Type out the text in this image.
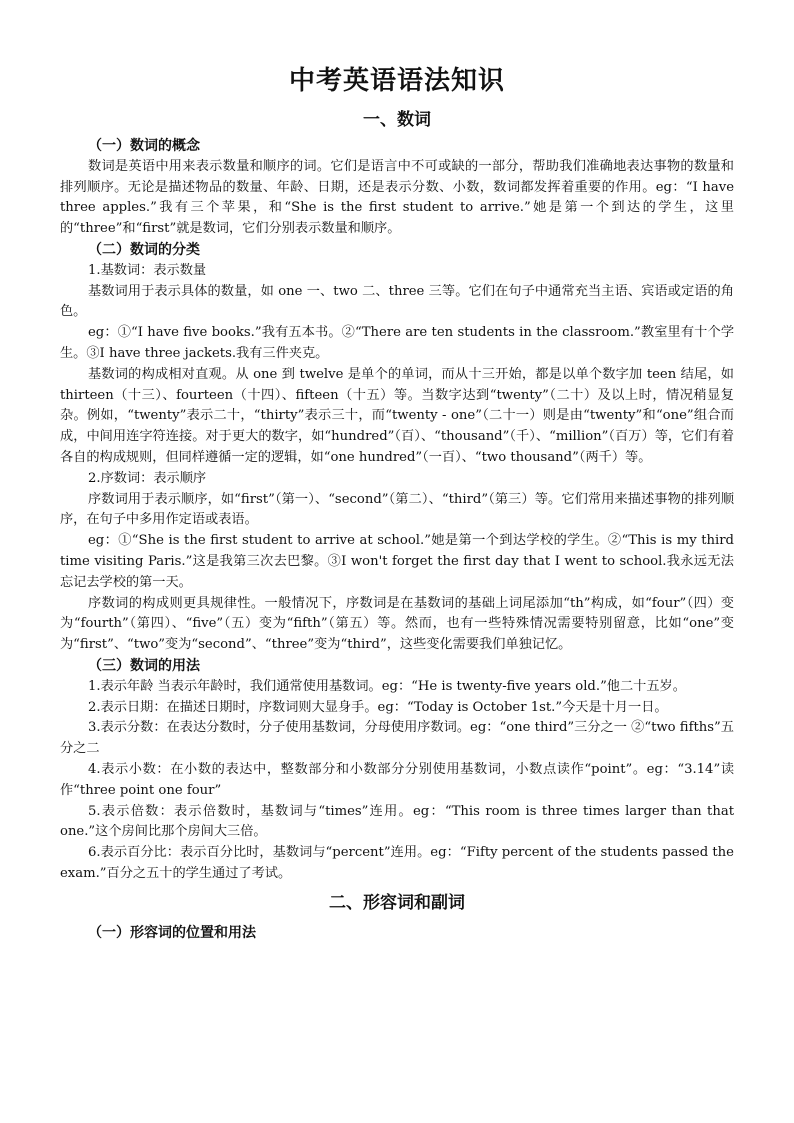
中考英语语法知识
一、数词
（一）数词的概念

数词是英语中用来表示数量和顺序的词。它们是语言中不可或缺的一部分，帮助我们准确地表达事物的数量和排列顺序。无论是描述物品的数量、年龄、日期，还是表示分数、小数，数词都发挥着重要的作用。eg：“I have three apples.”我有三个苹果，和“She is the first student to arrive.”她是第一个到达的学生，这里的“three”和“first”就是数词，它们分别表示数量和顺序。

（二）数词的分类

1.基数词：表示数量

基数词用于表示具体的数量，如 one 一、two 二、three 三等。它们在句子中通常充当主语、宾语或定语的角色。

eg：①“I have five books.”我有五本书。②“There are ten students in the classroom.”教室里有十个学生。③I have three jackets.我有三件夹克。

基数词的构成相对直观。从 one 到 twelve 是单个的单词，而从十三开始，都是以单个数字加 teen 结尾，如 thirteen（十三）、fourteen（十四）、fifteen（十五）等。当数字达到“twenty”（二十）及以上时，情况稍显复杂。例如，“twenty”表示二十，“thirty”表示三十，而“twenty - one”（二十一）则是由“twenty”和“one”组合而成，中间用连字符连接。对于更大的数字，如“hundred”（百）、“thousand”（千）、“million”（百万）等，它们有着各自的构成规则，但同样遵循一定的逻辑，如“one hundred”（一百）、“two thousand”（两千）等。

2.序数词：表示顺序

序数词用于表示顺序，如“first”（第一）、“second”（第二）、“third”（第三）等。它们常用来描述事物的排列顺序，在句子中多用作定语或表语。

eg：①“She is the first student to arrive at school.”她是第一个到达学校的学生。②“This is my third time visiting Paris.”这是我第三次去巴黎。③I won't forget the first day that I went to school.我永远无法忘记去学校的第一天。

序数词的构成则更具规律性。一般情况下，序数词是在基数词的基础上词尾添加“th”构成，如“four”（四）变为“fourth”（第四）、“five”（五）变为“fifth”（第五）等。然而，也有一些特殊情况需要特别留意，比如“one”变为“first”、“two”变为“second”、“three”变为“third”，这些变化需要我们单独记忆。

（三）数词的用法

1.表示年龄 当表示年龄时，我们通常使用基数词。eg：“He is twenty-five years old.”他二十五岁。

2.表示日期：在描述日期时，序数词则大显身手。eg：“Today is October 1st.”今天是十月一日。

3.表示分数：在表达分数时，分子使用基数词，分母使用序数词。eg：“one third”三分之一 ②“two fifths”五分之二

4.表示小数：在小数的表达中，整数部分和小数部分分别使用基数词，小数点读作“point”。eg：“3.14”读作“three point one four”

5.表示倍数：表示倍数时，基数词与“times”连用。eg：“This room is three times larger than that one.”这个房间比那个房间大三倍。

6.表示百分比：表示百分比时，基数词与“percent”连用。eg：“Fifty percent of the students passed the exam.”百分之五十的学生通过了考试。

二、形容词和副词
（一）形容词的位置和用法
